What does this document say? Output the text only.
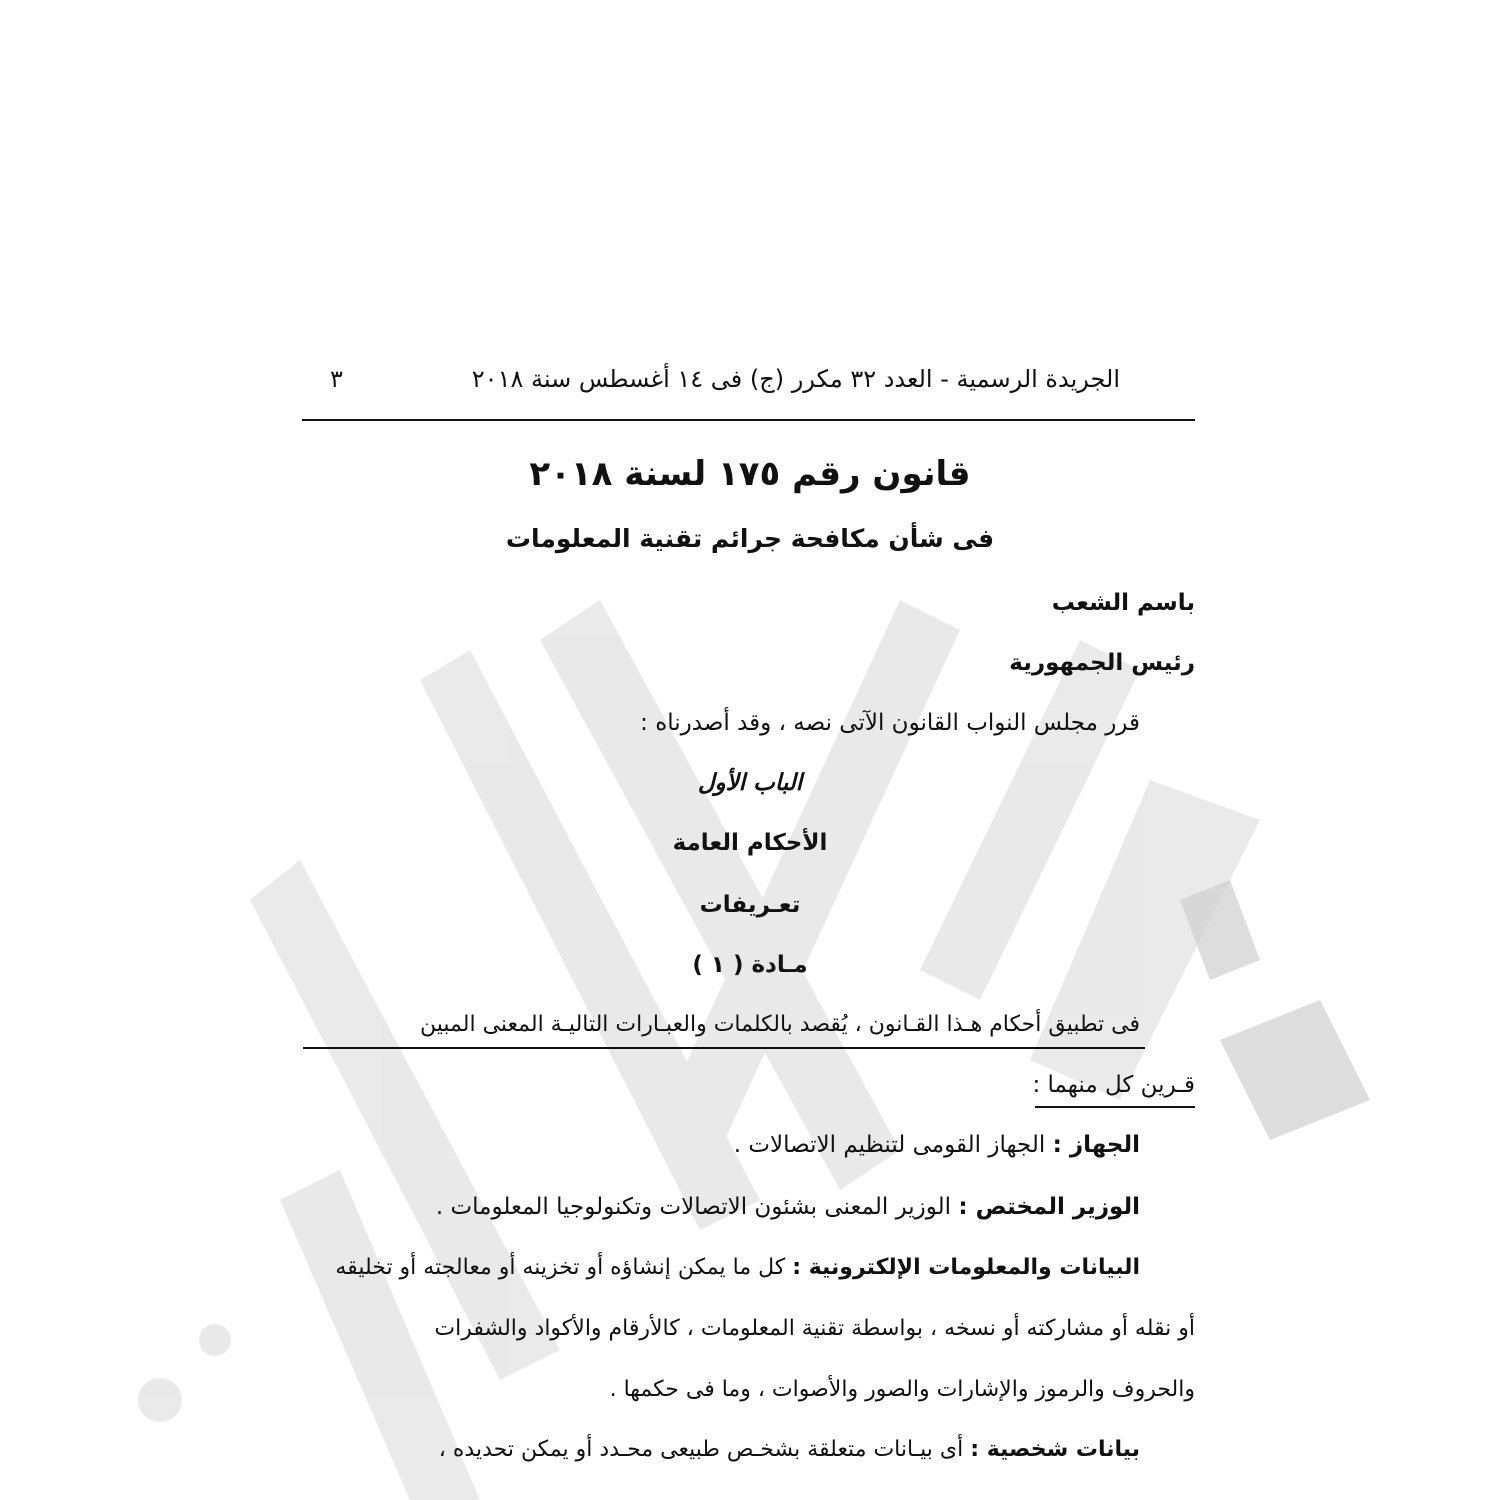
الجريدة الرسمية - العدد ٣٢ مكرر (ج) فى ١٤ أغسطس سنة ٢٠١٨
٣
قانون رقم ١٧٥ لسنة ٢٠١٨
فى شأن مكافحة جرائم تقنية المعلومات
باسم الشعب
رئيس الجمهورية
قرر مجلس النواب القانون الآتى نصه ، وقد أصدرناه :
الباب الأول
الأحكام العامة
تعـريفات
مـادة ( ١ )
فى تطبيق أحكام هـذا القـانون ، يُقصد بالكلمات والعبـارات التاليـة المعنى المبين
قـرين كل منهما :
الجهاز : الجهاز القومى لتنظيم الاتصالات .
الوزير المختص : الوزير المعنى بشئون الاتصالات وتكنولوجيا المعلومات .
البيانات والمعلومات الإلكترونية : كل ما يمكن إنشاؤه أو تخزينه أو معالجته أو تخليقه
أو نقله أو مشاركته أو نسخه ، بواسطة تقنية المعلومات ، كالأرقام والأكواد والشفرات
والحروف والرموز والإشارات والصور والأصوات ، وما فى حكمها .
بيانات شخصية : أى بيـانات متعلقة بشخـص طبيعى محـدد أو يمكن تحديده ،
